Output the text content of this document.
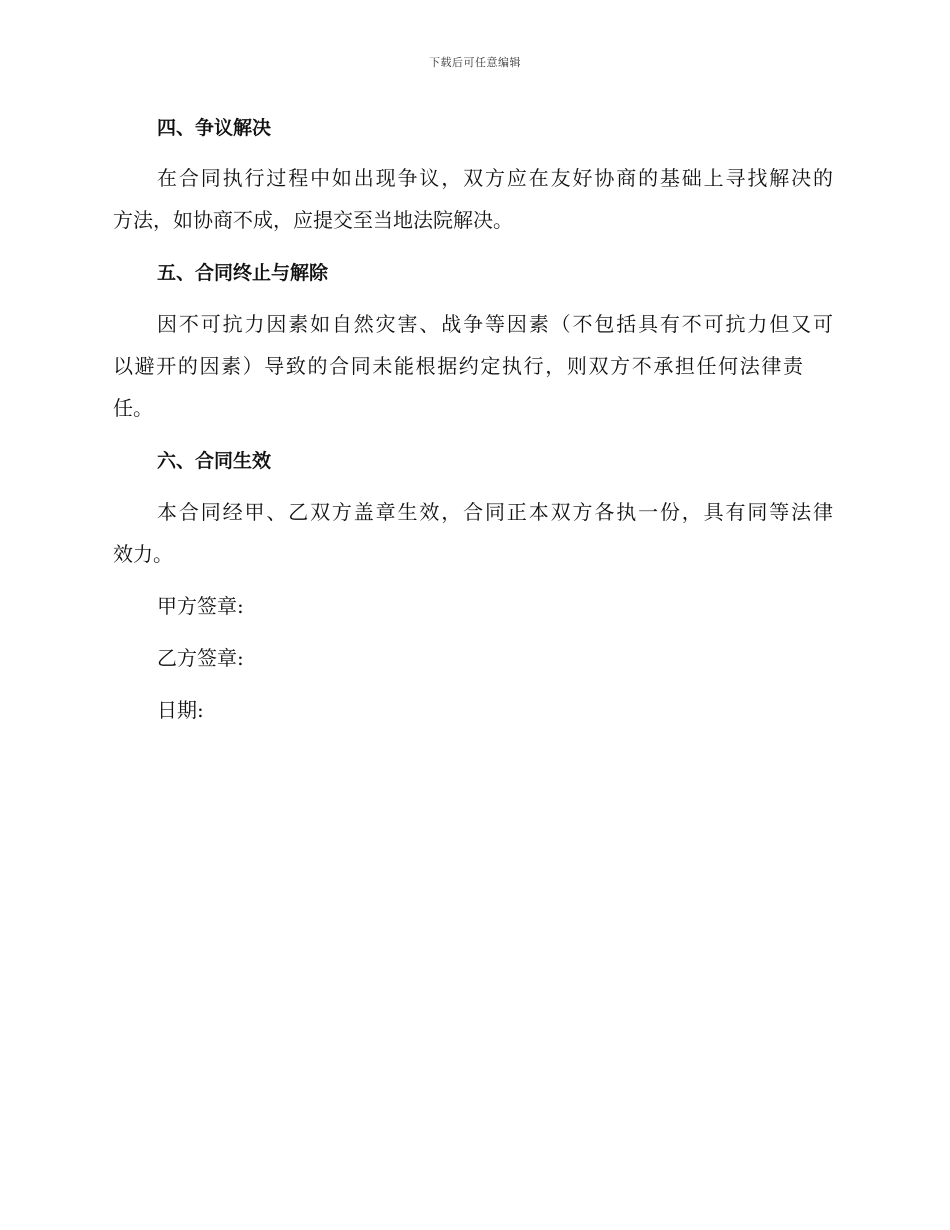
下载后可任意编辑
四、争议解决
在合同执行过程中如出现争议，双方应在友好协商的基础上寻找解决的
方法，如协商不成，应提交至当地法院解决。
五、合同终止与解除
因不可抗力因素如自然灾害、战争等因素（不包括具有不可抗力但又可
以避开的因素）导致的合同未能根据约定执行，则双方不承担任何法律责
任。
六、合同生效
本合同经甲、乙双方盖章生效，合同正本双方各执一份，具有同等法律
效力。
甲方签章:
乙方签章:
日期:
